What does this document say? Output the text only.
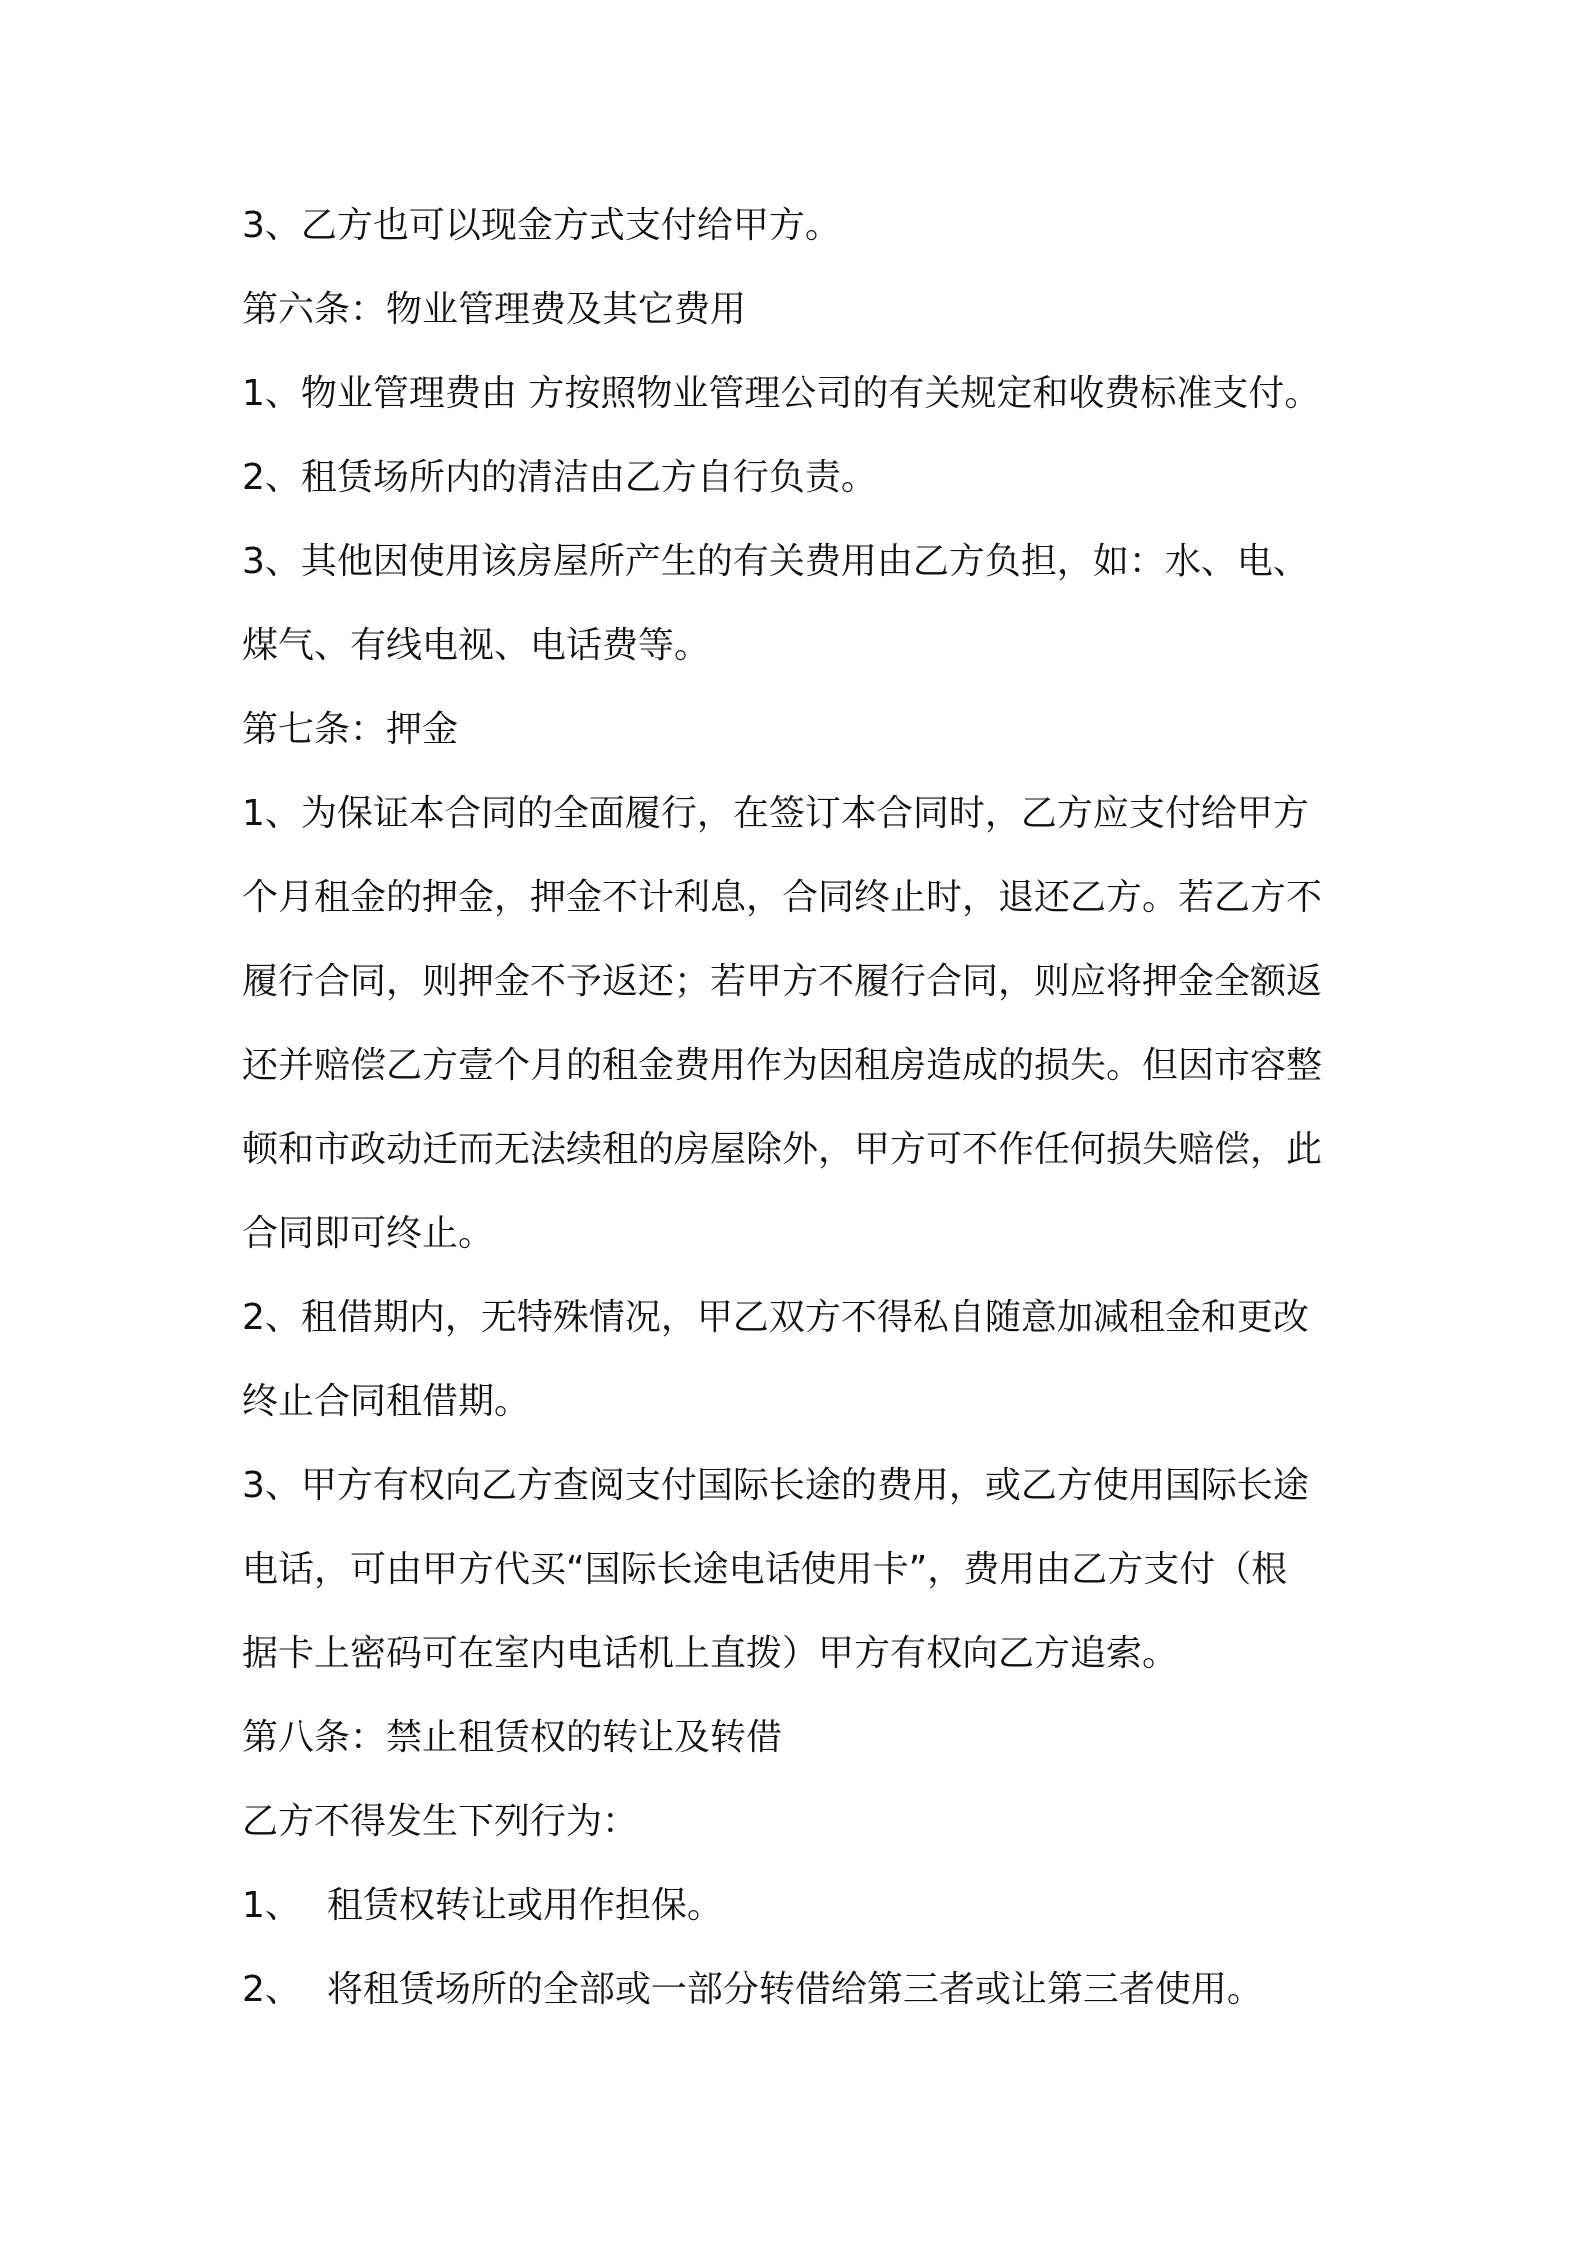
3、乙方也可以现金方式支付给甲方。

第六条：物业管理费及其它费用

1、物业管理费由 方按照物业管理公司的有关规定和收费标准支付。

2、租赁场所内的清洁由乙方自行负责。

3、其他因使用该房屋所产生的有关费用由乙方负担，如：水、电、

煤气、有线电视、电话费等。

第七条：押金

1、为保证本合同的全面履行，在签订本合同时，乙方应支付给甲方

个月租金的押金，押金不计利息，合同终止时，退还乙方。若乙方不

履行合同，则押金不予返还；若甲方不履行合同，则应将押金全额返

还并赔偿乙方壹个月的租金费用作为因租房造成的损失。但因市容整

顿和市政动迁而无法续租的房屋除外，甲方可不作任何损失赔偿，此

合同即可终止。

2、租借期内，无特殊情况，甲乙双方不得私自随意加减租金和更改

终止合同租借期。

3、甲方有权向乙方查阅支付国际长途的费用，或乙方使用国际长途

电话，可由甲方代买“国际长途电话使用卡”，费用由乙方支付（根

据卡上密码可在室内电话机上直拨）甲方有权向乙方追索。

第八条：禁止租赁权的转让及转借

乙方不得发生下列行为：

1、 租赁权转让或用作担保。

2、 将租赁场所的全部或一部分转借给第三者或让第三者使用。
